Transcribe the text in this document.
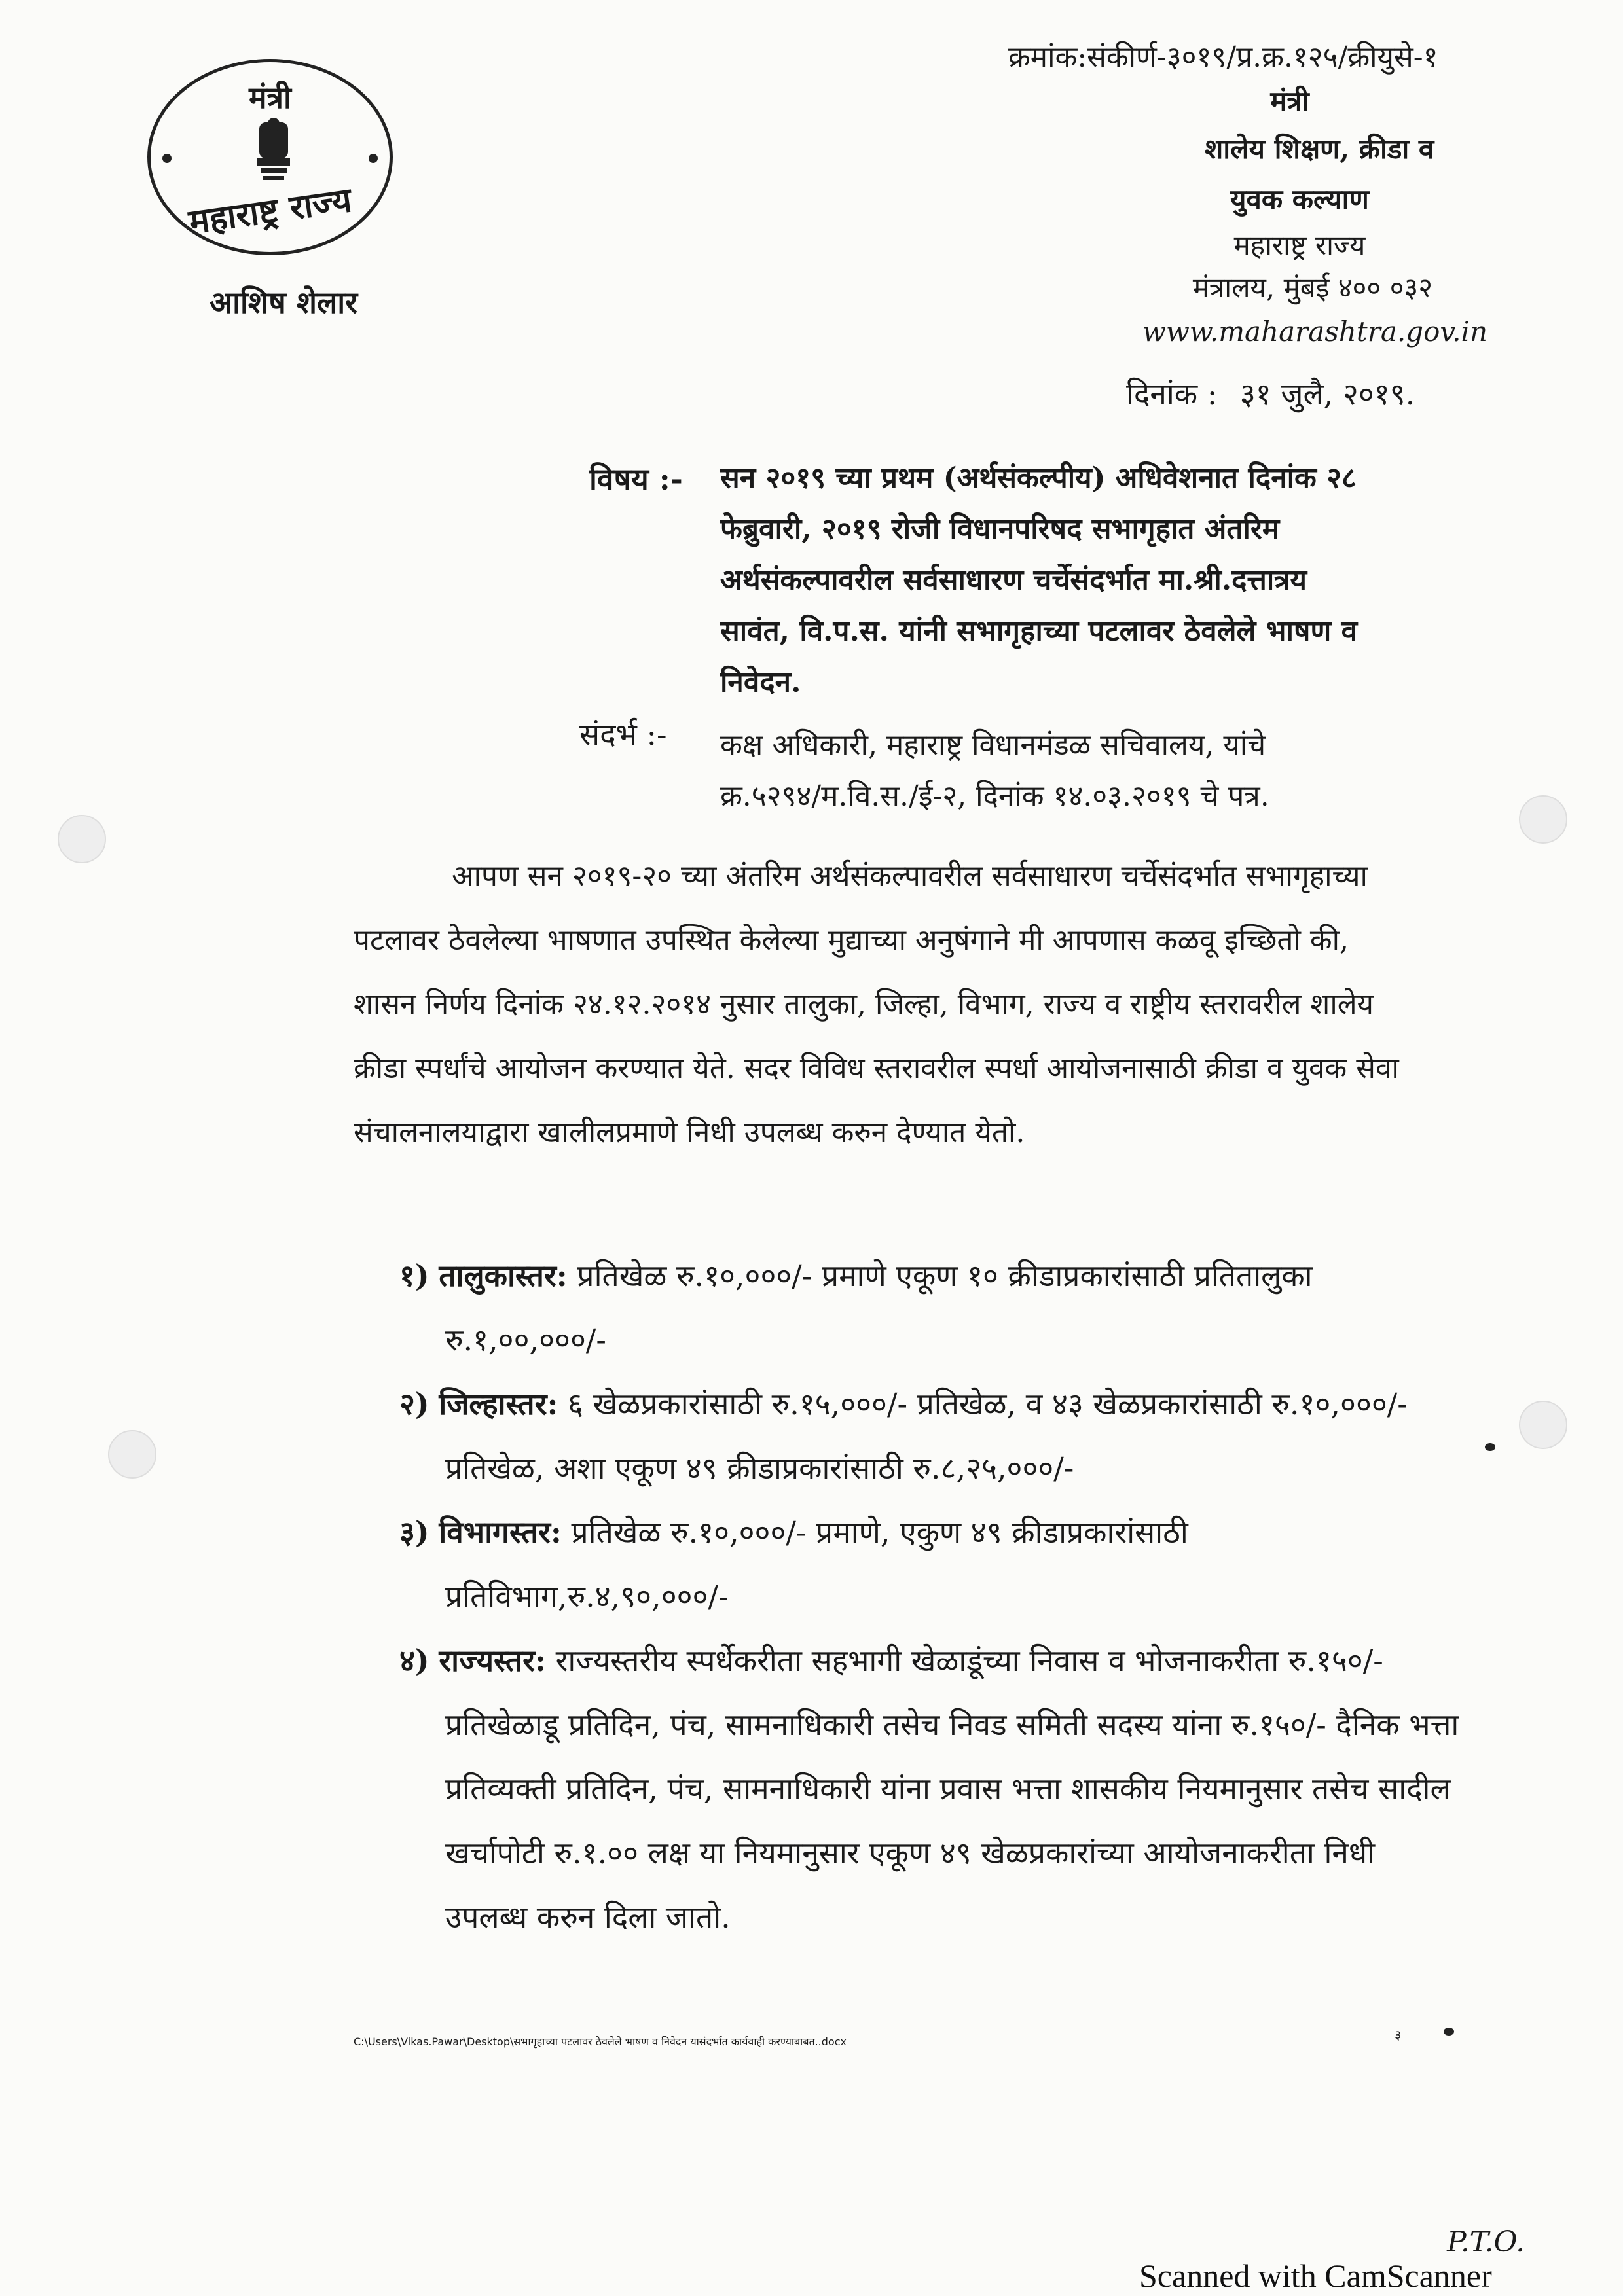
मंत्री
महाराष्ट्र राज्य
आशिष शेलार
क्रमांक:संकीर्ण-३०१९/प्र.क्र.१२५/क्रीयुसे-१
मंत्री
शालेय शिक्षण, क्रीडा व
युवक कल्याण
महाराष्ट्र राज्य
मंत्रालय, मुंबई ४०० ०३२
www.maharashtra.gov.in
दिनांक : ३१ जुलै, २०१९.
विषय :- सन २०१९ च्या प्रथम (अर्थसंकल्पीय) अधिवेशनात दिनांक २८
फेब्रुवारी, २०१९ रोजी विधानपरिषद सभागृहात अंतरिम
अर्थसंकल्पावरील सर्वसाधारण चर्चेसंदर्भात मा.श्री.दत्तात्रय
सावंत, वि.प.स. यांनी सभागृहाच्या पटलावर ठेवलेले भाषण व
निवेदन.
संदर्भ :- कक्ष अधिकारी, महाराष्ट्र विधानमंडळ सचिवालय, यांचे
क्र.५२९४/म.वि.स./ई-२, दिनांक १४.०३.२०१९ चे पत्र.
आपण सन २०१९-२० च्या अंतरिम अर्थसंकल्पावरील सर्वसाधारण चर्चेसंदर्भात सभागृहाच्या
पटलावर ठेवलेल्या भाषणात उपस्थित केलेल्या मुद्याच्या अनुषंगाने मी आपणास कळवू इच्छितो की,
शासन निर्णय दिनांक २४.१२.२०१४ नुसार तालुका, जिल्हा, विभाग, राज्य व राष्ट्रीय स्तरावरील शालेय
क्रीडा स्पर्धांचे आयोजन करण्यात येते. सदर विविध स्तरावरील स्पर्धा आयोजनासाठी क्रीडा व युवक सेवा
संचालनालयाद्वारा खालीलप्रमाणे निधी उपलब्ध करुन देण्यात येतो.
१) तालुकास्तर: प्रतिखेळ रु.१०,०००/- प्रमाणे एकूण १० क्रीडाप्रकारांसाठी प्रतितालुका
रु.१,००,०००/-
२) जिल्हास्तर: ६ खेळप्रकारांसाठी रु.१५,०००/- प्रतिखेळ, व ४३ खेळप्रकारांसाठी रु.१०,०००/-
प्रतिखेळ, अशा एकूण ४९ क्रीडाप्रकारांसाठी रु.८,२५,०००/-
३) विभागस्तर: प्रतिखेळ रु.१०,०००/- प्रमाणे, एकुण ४९ क्रीडाप्रकारांसाठी
प्रतिविभाग,रु.४,९०,०००/-
४) राज्यस्तर: राज्यस्तरीय स्पर्धेकरीता सहभागी खेळाडूंच्या निवास व भोजनाकरीता रु.१५०/-
प्रतिखेळाडू प्रतिदिन, पंच, सामनाधिकारी तसेच निवड समिती सदस्य यांना रु.१५०/- दैनिक भत्ता
प्रतिव्यक्ती प्रतिदिन, पंच, सामनाधिकारी यांना प्रवास भत्ता शासकीय नियमानुसार तसेच सादील
खर्चापोटी रु.१.०० लक्ष या नियमानुसार एकूण ४९ खेळप्रकारांच्या आयोजनाकरीता निधी
उपलब्ध करुन दिला जातो.
C:\Users\Vikas.Pawar\Desktop\सभागृहाच्या पटलावर ठेवलेले भाषण व निवेदन यासंदर्भात कार्यवाही करण्याबाबत..docx	३
P.T.O.
Scanned with CamScanner
